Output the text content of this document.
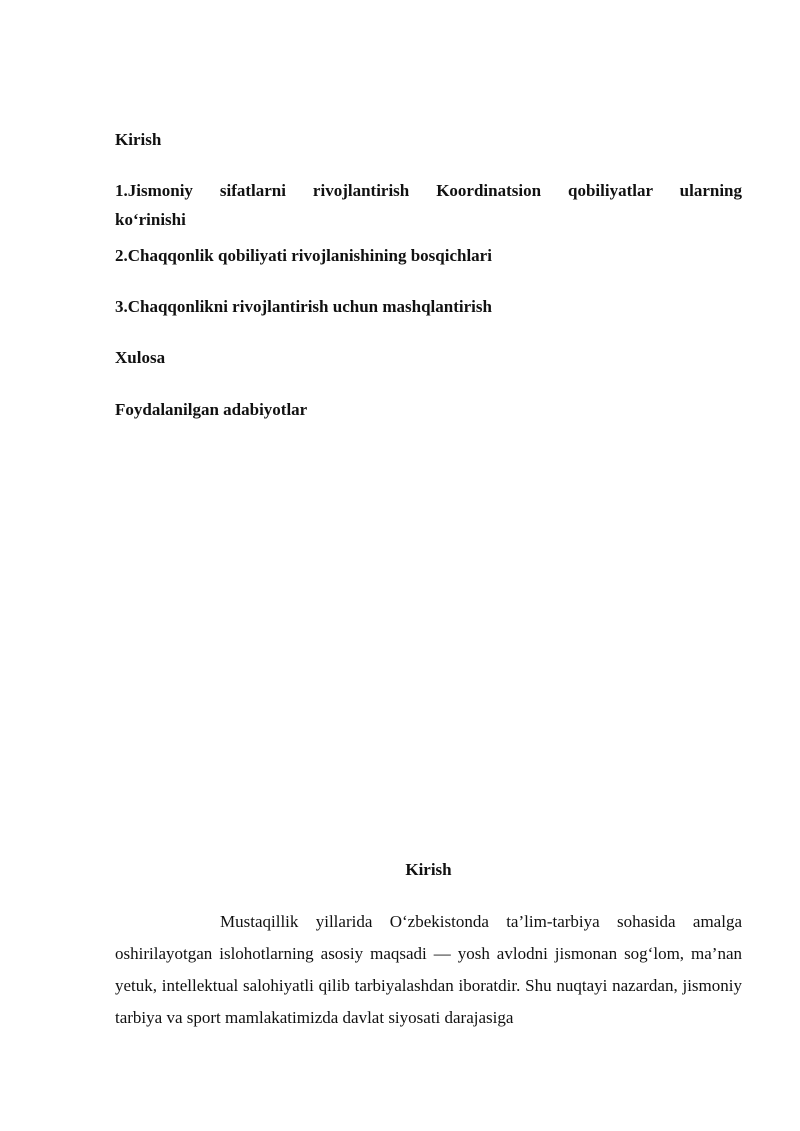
Kirish

1.Jismoniy sifatlarni rivojlantirish Koordinatsion qobiliyatlar ularning

ko‘rinishi

2.Chaqqonlik qobiliyati rivojlanishining bosqichlari

3.Chaqqonlikni rivojlantirish uchun mashqlantirish

Xulosa

Foydalanilgan adabiyotlar

Kirish

Mustaqillik yillarida O‘zbekistonda ta’lim-tarbiya sohasida amalga oshirilayotgan islohotlarning asosiy maqsadi — yosh avlodni jismonan sog‘lom, ma’nan yetuk, intellektual salohiyatli qilib tarbiyalashdan iboratdir. Shu nuqtayi nazardan, jismoniy tarbiya va sport mamlakatimizda davlat siyosati darajasiga
